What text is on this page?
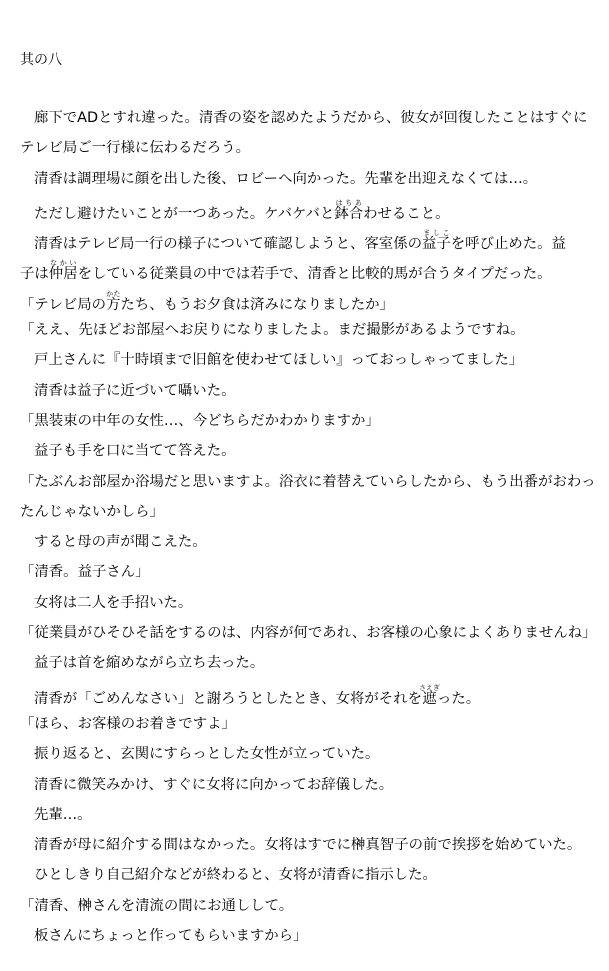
其の八
廊下でADとすれ違った。清香の姿を認めたようだから、彼女が回復したことはすぐに
テレビ局ご一行様に伝わるだろう。
清香は調理場に顔を出した後、ロビーへ向かった。先輩を出迎えなくては…。
ただし避けたいことが一つあった。ケバケバと鉢合はちあわせること。
清香はテレビ局一行の様子について確認しようと、客室係の益子ましこを呼び止めた。益
子は仲居なかいをしている従業員の中では若手で、清香と比較的馬が合うタイプだった。
「テレビ局の方かたたち、もうお夕食は済みになりましたか」
「ええ、先ほどお部屋へお戻りになりましたよ。まだ撮影があるようですね。
戸上さんに『十時頃まで旧館を使わせてほしい』っておっしゃってました」
清香は益子に近づいて囁いた。
「黒装束の中年の女性…、今どちらだかわかりますか」
益子も手を口に当てて答えた。
「たぶんお部屋か浴場だと思いますよ。浴衣に着替えていらしたから、もう出番がおわっ
たんじゃないかしら」
すると母の声が聞こえた。
「清香。益子さん」
女将は二人を手招いた。
「従業員がひそひそ話をするのは、内容が何であれ、お客様の心象によくありませんね」
益子は首を縮めながら立ち去った。
清香が「ごめんなさい」と謝ろうとしたとき、女将がそれを遮さえぎった。
「ほら、お客様のお着きですよ」
振り返ると、玄関にすらっとした女性が立っていた。
清香に微笑みかけ、すぐに女将に向かってお辞儀した。
先輩…。
清香が母に紹介する間はなかった。女将はすでに榊真智子の前で挨拶を始めていた。
ひとしきり自己紹介などが終わると、女将が清香に指示した。
「清香、榊さんを清流の間にお通しして。
板さんにちょっと作ってもらいますから」
